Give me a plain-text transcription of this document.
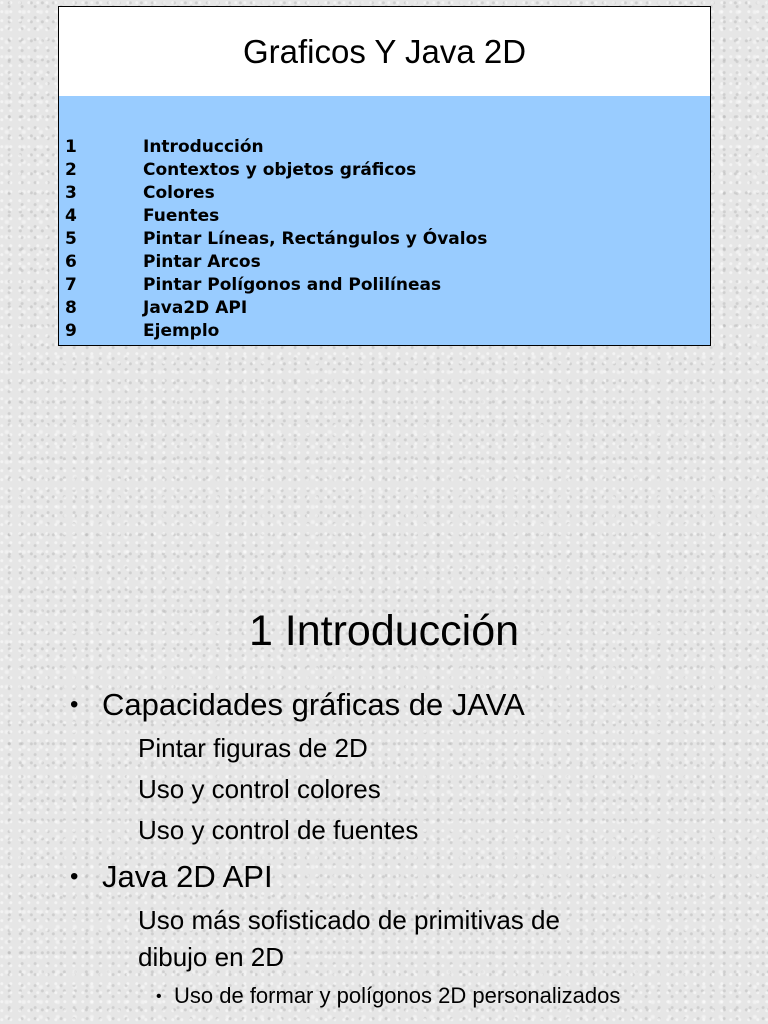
Graficos Y Java 2D
1	Introducción
2	Contextos y objetos gráficos
3	Colores
4	Fuentes
5	Pintar Líneas, Rectángulos y Óvalos
6	Pintar Arcos
7	Pintar Polígonos and Polilíneas
8	Java2D API
9	Ejemplo
1 Introducción
• Capacidades gráficas de JAVA
Pintar figuras de 2D
Uso y control colores
Uso y control de fuentes
• Java 2D API
Uso más sofisticado de primitivas de
dibujo en 2D
• Uso de formar y polígonos 2D personalizados
